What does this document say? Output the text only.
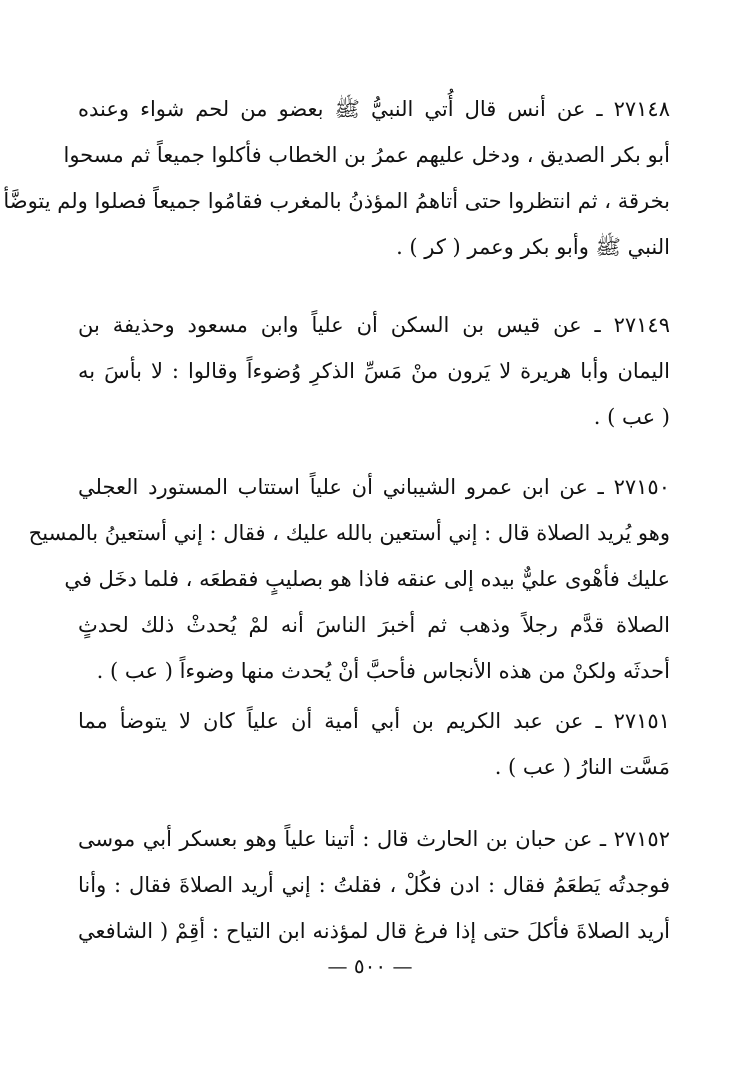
٢٧١٤٨ ـ عن أنس قال أُتي النبيُّ ﷺ بعضو من لحم شواء وعنده
أبو بكر الصديق ، ودخل عليهم عمرُ بن الخطاب فأكلوا جميعاً ثم مسحوا
بخرقة ، ثم انتظروا حتى أتاهمُ المؤذنُ بالمغرب فقامُوا جميعاً فصلوا ولم يتوضَّأ
النبي ﷺ وأبو بكر وعمر ( كر ) .
٢٧١٤٩ ـ عن قيس بن السكن أن علياً وابن مسعود وحذيفة بن
اليمان وأبا هريرة لا يَرون منْ مَسِّ الذكرِ وُضوءاً وقالوا : لا بأسَ به
( عب ) .
٢٧١٥٠ ـ عن ابن عمرو الشيباني أن علياً استتاب المستورد العجلي
وهو يُريد الصلاة قال : إني أستعين بالله عليك ، فقال : إني أستعينُ بالمسيح
عليك فأهْوى عليٌّ بيده إلى عنقه فاذا هو بصليبٍ فقطعَه ، فلما دخَل في
الصلاة قدَّم رجلاً وذهب ثم أخبرَ الناسَ أنه لمْ يُحدثْ ذلك لحدثٍ
أحدثَه ولكنْ من هذه الأنجاس فأحبَّ أنْ يُحدث منها وضوءاً ( عب ) .
٢٧١٥١ ـ عن عبد الكريم بن أبي أمية أن علياً كان لا يتوضأ مما
مَسَّت النارُ ( عب ) .
٢٧١٥٢ ـ عن حبان بن الحارث قال : أتينا علياً وهو بعسكر أبي موسى
فوجدتُه يَطعَمُ فقال : ادن فكُلْ ، فقلتُ : إني أريد الصلاةَ فقال : وأنا
أريد الصلاةَ فأكلَ حتى إذا فرغ قال لمؤذنه ابن التياح : أقِمْ ( الشافعي
— ٥٠٠ —
